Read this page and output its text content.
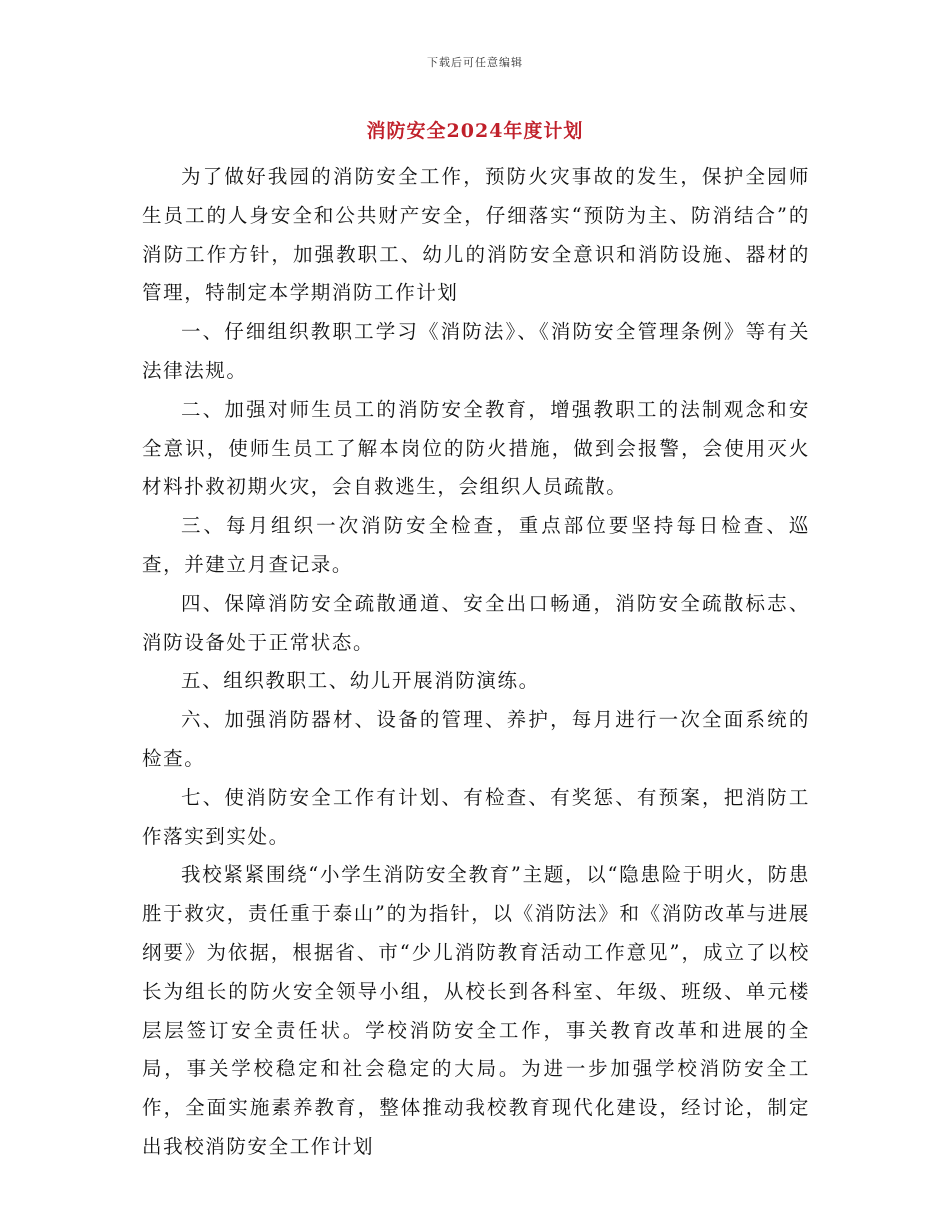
下载后可任意编辑
消防安全2024年度计划

为了做好我园的消防安全工作，预防火灾事故的发生，保护全园师生员工的人身安全和公共财产安全，仔细落实“预防为主、防消结合”的消防工作方针，加强教职工、幼儿的消防安全意识和消防设施、器材的管理，特制定本学期消防工作计划

一、仔细组织教职工学习《消防法》、《消防安全管理条例》等有关法律法规。

二、加强对师生员工的消防安全教育，增强教职工的法制观念和安全意识，使师生员工了解本岗位的防火措施，做到会报警，会使用灭火材料扑救初期火灾，会自救逃生，会组织人员疏散。

三、每月组织一次消防安全检查，重点部位要坚持每日检查、巡查，并建立月查记录。

四、保障消防安全疏散通道、安全出口畅通，消防安全疏散标志、消防设备处于正常状态。

五、组织教职工、幼儿开展消防演练。

六、加强消防器材、设备的管理、养护，每月进行一次全面系统的检查。

七、使消防安全工作有计划、有检查、有奖惩、有预案，把消防工作落实到实处。

我校紧紧围绕“小学生消防安全教育”主题，以“隐患险于明火，防患胜于救灾，责任重于泰山”的为指针，以《消防法》和《消防改革与进展纲要》为依据，根据省、市“少儿消防教育活动工作意见”，成立了以校长为组长的防火安全领导小组，从校长到各科室、年级、班级、单元楼层层签订安全责任状。学校消防安全工作，事关教育改革和进展的全局，事关学校稳定和社会稳定的大局。为进一步加强学校消防安全工作，全面实施素养教育，整体推动我校教育现代化建设，经讨论，制定出我校消防安全工作计划
